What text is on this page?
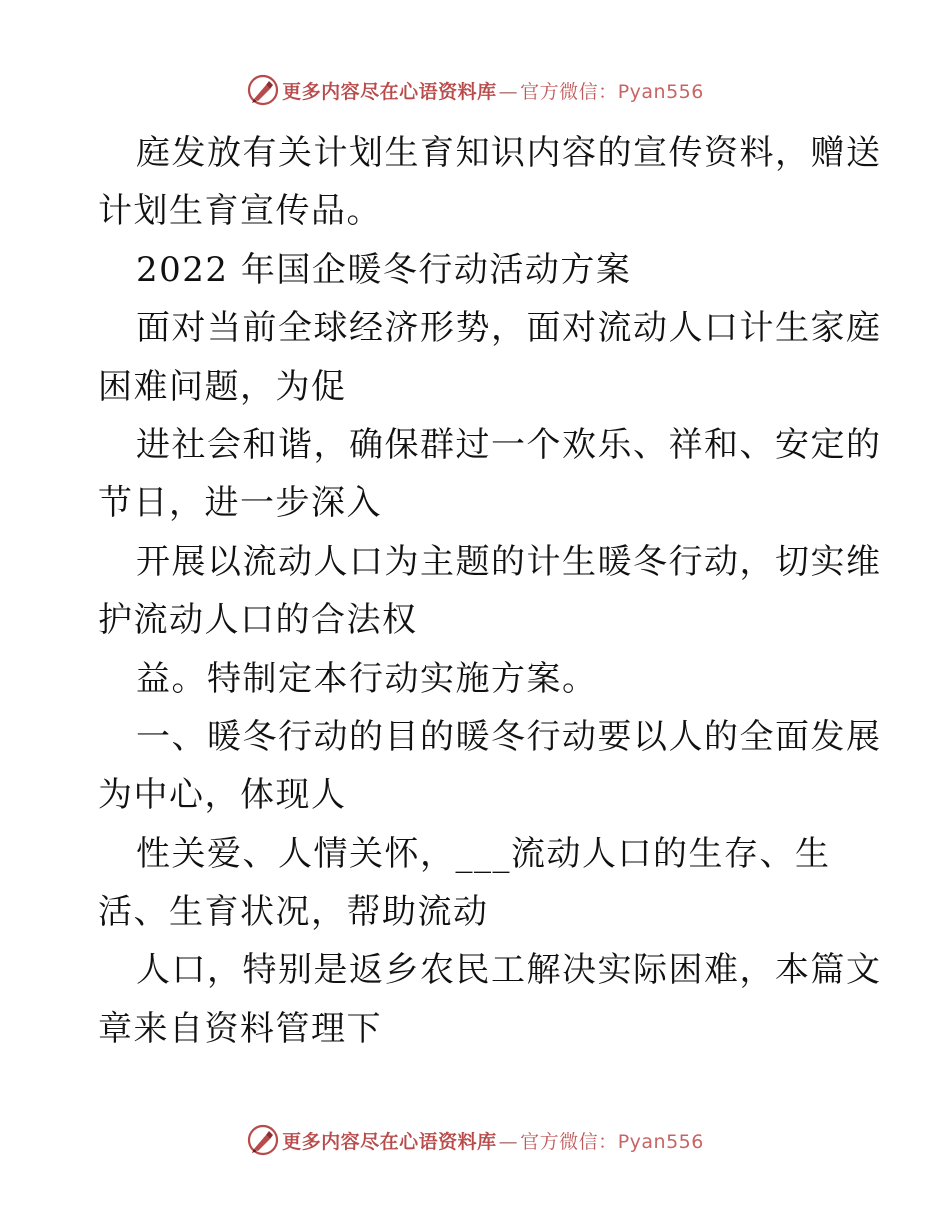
更多内容尽在心语资料库 — 官方微信：Pyan556
庭发放有关计划生育知识内容的宣传资料，赠送
计划生育宣传品。
2022 年国企暖冬行动活动方案
面对当前全球经济形势，面对流动人口计生家庭
困难问题，为促
进社会和谐，确保群过一个欢乐、祥和、安定的
节日，进一步深入
开展以流动人口为主题的计生暖冬行动，切实维
护流动人口的合法权
益。特制定本行动实施方案。
一、暖冬行动的目的暖冬行动要以人的全面发展
为中心，体现人
性关爱、人情关怀，___流动人口的生存、生
活、生育状况，帮助流动
人口，特别是返乡农民工解决实际困难，本篇文
章来自资料管理下
更多内容尽在心语资料库 — 官方微信：Pyan556
